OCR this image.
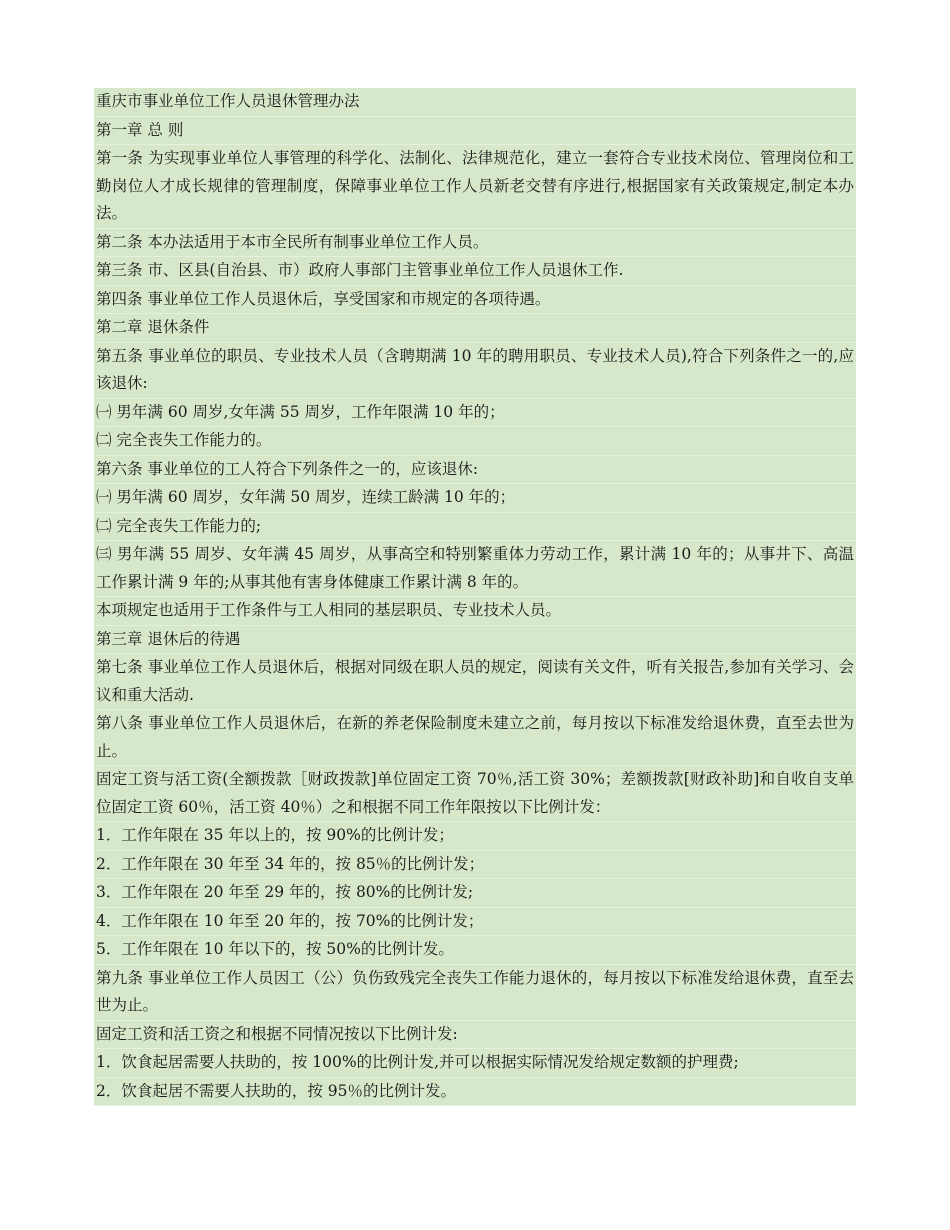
重庆市事业单位工作人员退休管理办法

第一章 总 则

第一条 为实现事业单位人事管理的科学化、法制化、法律规范化，建立一套符合专业技术岗位、管理岗位和工勤岗位人才成长规律的管理制度，保障事业单位工作人员新老交替有序进行,根据国家有关政策规定,制定本办法。

第二条 本办法适用于本市全民所有制事业单位工作人员。

第三条 市、区县(自治县、市）政府人事部门主管事业单位工作人员退休工作.

第四条 事业单位工作人员退休后，享受国家和市规定的各项待遇。

第二章 退休条件

第五条 事业单位的职员、专业技术人员（含聘期满 10 年的聘用职员、专业技术人员),符合下列条件之一的,应该退休:

㈠ 男年满 60 周岁,女年满 55 周岁，工作年限满 10 年的；

㈡ 完全丧失工作能力的。

第六条 事业单位的工人符合下列条件之一的，应该退休:

㈠ 男年满 60 周岁，女年满 50 周岁，连续工龄满 10 年的；

㈡ 完全丧失工作能力的;

㈢ 男年满 55 周岁、女年满 45 周岁，从事高空和特别繁重体力劳动工作，累计满 10 年的；从事井下、高温工作累计满 9 年的;从事其他有害身体健康工作累计满 8 年的。

本项规定也适用于工作条件与工人相同的基层职员、专业技术人员。

第三章 退休后的待遇

第七条 事业单位工作人员退休后，根据对同级在职人员的规定，阅读有关文件，听有关报告,参加有关学习、会议和重大活动.

第八条 事业单位工作人员退休后，在新的养老保险制度未建立之前，每月按以下标准发给退休费，直至去世为止。

固定工资与活工资(全额拨款［财政拨款]单位固定工资 70％,活工资 30%；差额拨款[财政补助]和自收自支单位固定工资 60％，活工资 40％）之和根据不同工作年限按以下比例计发：

1．工作年限在 35 年以上的，按 90%的比例计发；

2．工作年限在 30 年至 34 年的，按 85％的比例计发；

3．工作年限在 20 年至 29 年的，按 80%的比例计发;

4．工作年限在 10 年至 20 年的，按 70%的比例计发；

5．工作年限在 10 年以下的，按 50%的比例计发。

第九条 事业单位工作人员因工（公）负伤致残完全丧失工作能力退休的，每月按以下标准发给退休费，直至去世为止。

固定工资和活工资之和根据不同情况按以下比例计发:

1．饮食起居需要人扶助的，按 100%的比例计发,并可以根据实际情况发给规定数额的护理费;

2．饮食起居不需要人扶助的，按 95％的比例计发。
